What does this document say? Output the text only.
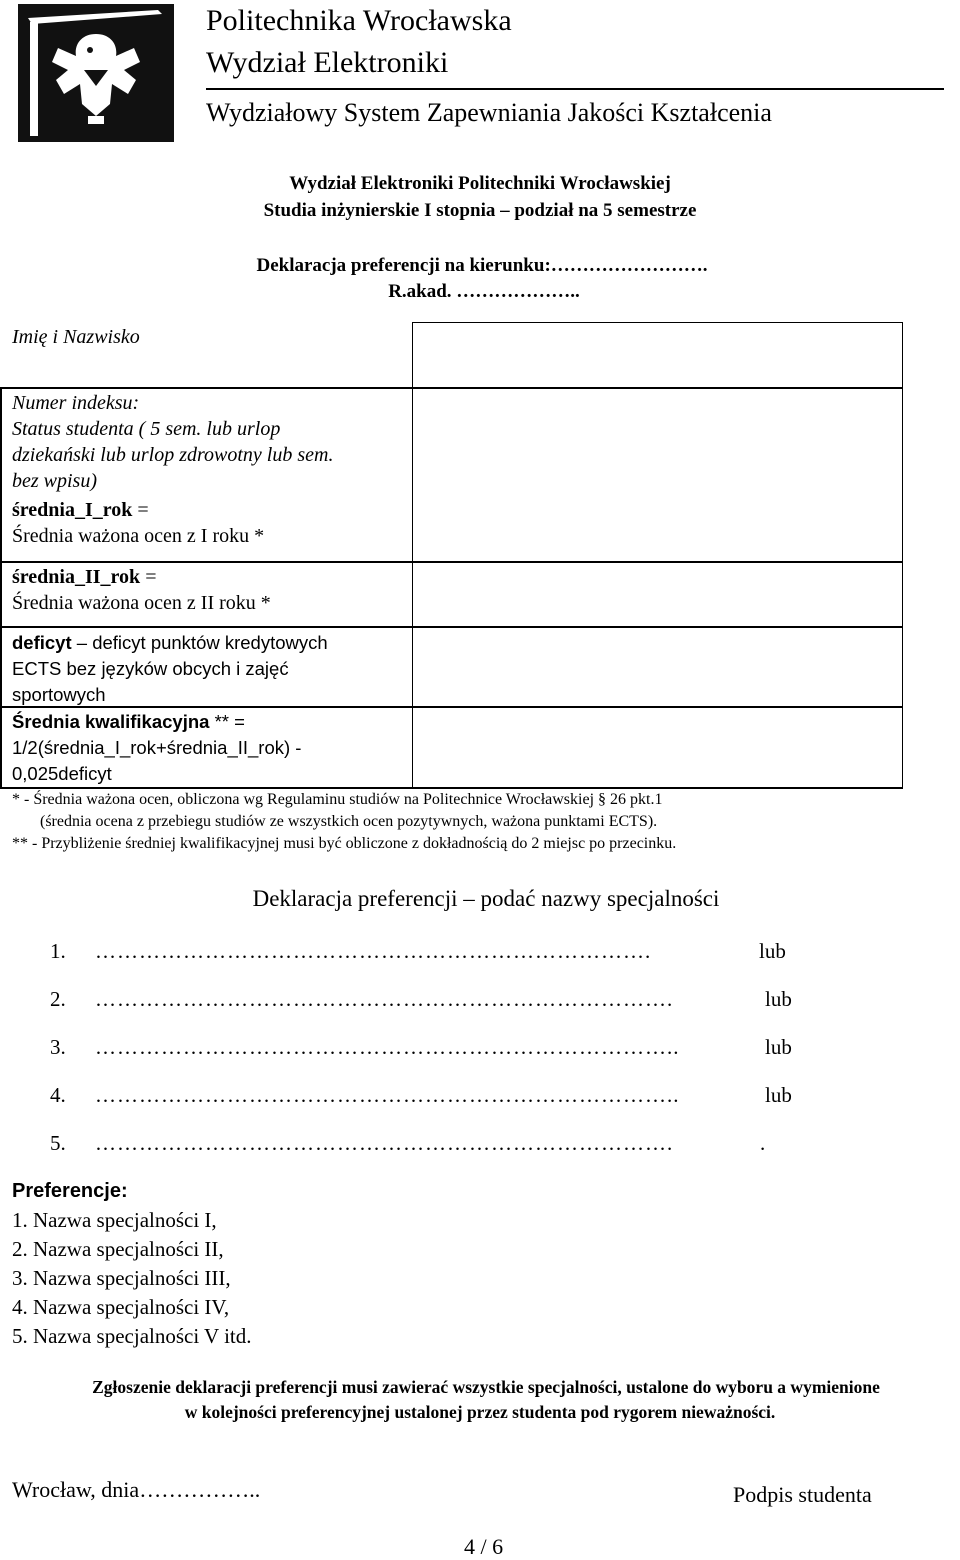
Politechnika Wrocławska
Wydział Elektroniki
Wydziałowy System Zapewniania Jakości Kształcenia
Wydział Elektroniki Politechniki Wrocławskiej
Studia inżynierskie I stopnia – podział na 5 semestrze
Deklaracja preferencji na kierunku:…………………….
R.akad. ………………..
Imię i Nazwisko
Numer indeksu:
Status studenta ( 5 sem. lub urlop
dziekański lub urlop zdrowotny lub sem.
bez wpisu)
średnia_I_rok =
Średnia ważona ocen z I roku *
średnia_II_rok =
Średnia ważona ocen z II roku *
deficyt – deficyt punktów kredytowych
ECTS bez języków obcych i zajęć
sportowych
Średnia kwalifikacyjna ** =
1/2(średnia_I_rok+średnia_II_rok) -
0,025deficyt
* - Średnia ważona ocen, obliczona wg Regulaminu studiów na Politechnice Wrocławskiej § 26 pkt.1
(średnia ocena z przebiegu studiów ze wszystkich ocen pozytywnych, ważona punktami ECTS).
** - Przybliżenie średniej kwalifikacyjnej musi być obliczone z dokładnością do 2 miejsc po przecinku.
Deklaracja preferencji – podać nazwy specjalności
1. ………………………………………………………………….	lub
2. …………………………………………………………………….	lub
3. ……………………………………………………………………..	lub
4. ……………………………………………………………………..	lub
5. …………………………………………………………………….	.
Preferencje:
1. Nazwa specjalności I,
2. Nazwa specjalności II,
3. Nazwa specjalności III,
4. Nazwa specjalności IV,
5. Nazwa specjalności V itd.
Zgłoszenie deklaracji preferencji musi zawierać wszystkie specjalności, ustalone do wyboru a wymienione
w kolejności preferencyjnej ustalonej przez studenta pod rygorem nieważności.
Wrocław, dnia……………..	Podpis studenta
4 / 6
